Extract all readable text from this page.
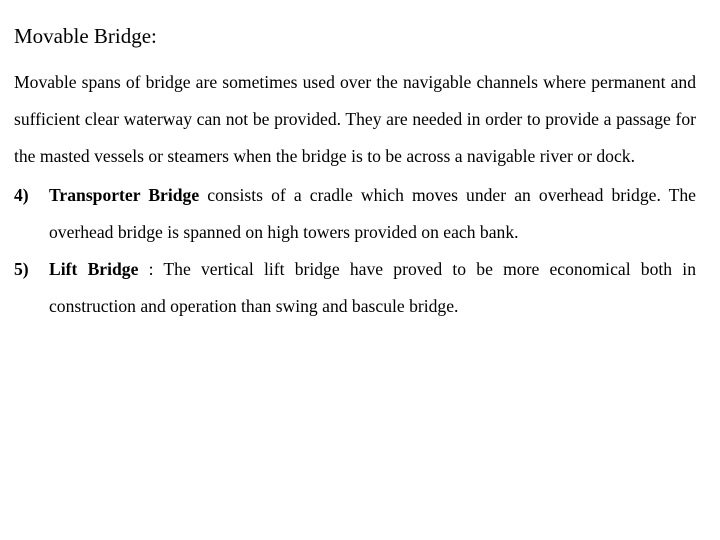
Movable Bridge:

Movable spans of bridge are sometimes used over the navigable channels where permanent and sufficient clear waterway can not be provided. They are needed in order to provide a passage for the masted vessels or steamers when the bridge is to be across a navigable river or dock.

4)	Transporter Bridge consists of a cradle which moves under an overhead bridge. The overhead bridge is spanned on high towers provided on each bank.
5)	Lift Bridge : The vertical lift bridge have proved to be more economical both in construction and operation than swing and bascule bridge.
